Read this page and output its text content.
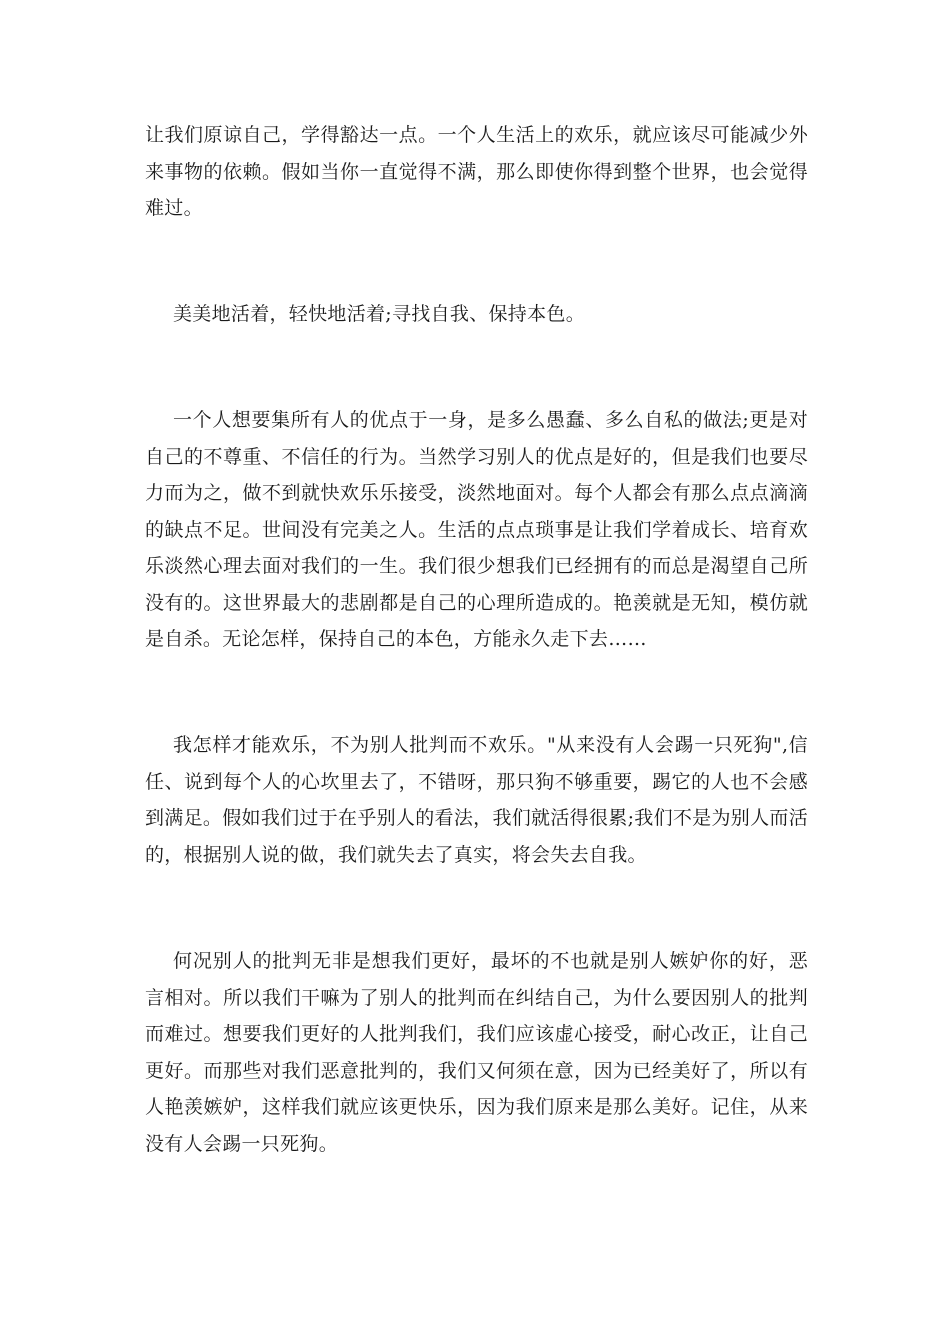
让我们原谅自己，学得豁达一点。一个人生活上的欢乐，就应该尽可能减少外来事物的依赖。假如当你一直觉得不满，那么即使你得到整个世界，也会觉得难过。

美美地活着，轻快地活着;寻找自我、保持本色。

一个人想要集所有人的优点于一身，是多么愚蠢、多么自私的做法;更是对自己的不尊重、不信任的行为。当然学习别人的优点是好的，但是我们也要尽力而为之，做不到就快欢乐乐接受，淡然地面对。每个人都会有那么点点滴滴的缺点不足。世间没有完美之人。生活的点点琐事是让我们学着成长、培育欢乐淡然心理去面对我们的一生。我们很少想我们已经拥有的而总是渴望自己所没有的。这世界最大的悲剧都是自己的心理所造成的。艳羡就是无知，模仿就是自杀。无论怎样，保持自己的本色，方能永久走下去……

我怎样才能欢乐，不为别人批判而不欢乐。"从来没有人会踢一只死狗",信任、说到每个人的心坎里去了，不错呀，那只狗不够重要，踢它的人也不会感到满足。假如我们过于在乎别人的看法，我们就活得很累;我们不是为别人而活的，根据别人说的做，我们就失去了真实，将会失去自我。

何况别人的批判无非是想我们更好，最坏的不也就是别人嫉妒你的好，恶言相对。所以我们干嘛为了别人的批判而在纠结自己，为什么要因别人的批判而难过。想要我们更好的人批判我们，我们应该虚心接受，耐心改正，让自己更好。而那些对我们恶意批判的，我们又何须在意，因为已经美好了，所以有人艳羡嫉妒，这样我们就应该更快乐，因为我们原来是那么美好。记住，从来没有人会踢一只死狗。
